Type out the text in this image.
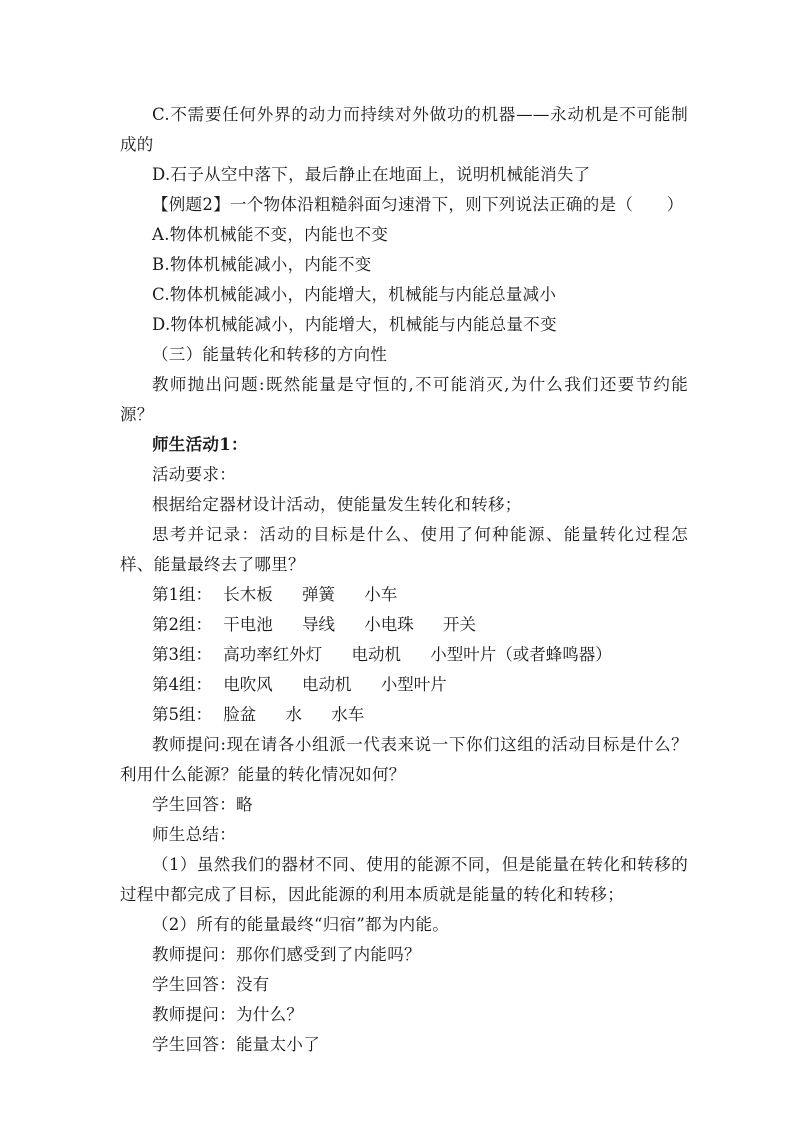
C.不需要任何外界的动力而持续对外做功的机器——永动机是不可能制成的

D.石子从空中落下，最后静止在地面上，说明机械能消失了

【例题2】一个物体沿粗糙斜面匀速滑下，则下列说法正确的是（　　）

A.物体机械能不变，内能也不变

B.物体机械能减小，内能不变

C.物体机械能减小，内能增大，机械能与内能总量减小

D.物体机械能减小，内能增大，机械能与内能总量不变

（三）能量转化和转移的方向性

教师抛出问题:既然能量是守恒的,不可能消灭,为什么我们还要节约能源？

师生活动1：

活动要求：

根据给定器材设计活动，使能量发生转化和转移；

思考并记录：活动的目标是什么、使用了何种能源、能量转化过程怎样、能量最终去了哪里？

第1组： 长木板 弹簧 小车
第2组： 干电池 导线 小电珠 开关
第3组： 高功率红外灯 电动机 小型叶片（或者蜂鸣器）
第4组： 电吹风 电动机 小型叶片
第5组： 脸盆 水 水车

教师提问:现在请各小组派一代表来说一下你们这组的活动目标是什么？利用什么能源？能量的转化情况如何？

学生回答：略

师生总结：

（1）虽然我们的器材不同、使用的能源不同，但是能量在转化和转移的过程中都完成了目标，因此能源的利用本质就是能量的转化和转移；

（2）所有的能量最终“归宿”都为内能。

教师提问：那你们感受到了内能吗？

学生回答：没有

教师提问：为什么？

学生回答：能量太小了
